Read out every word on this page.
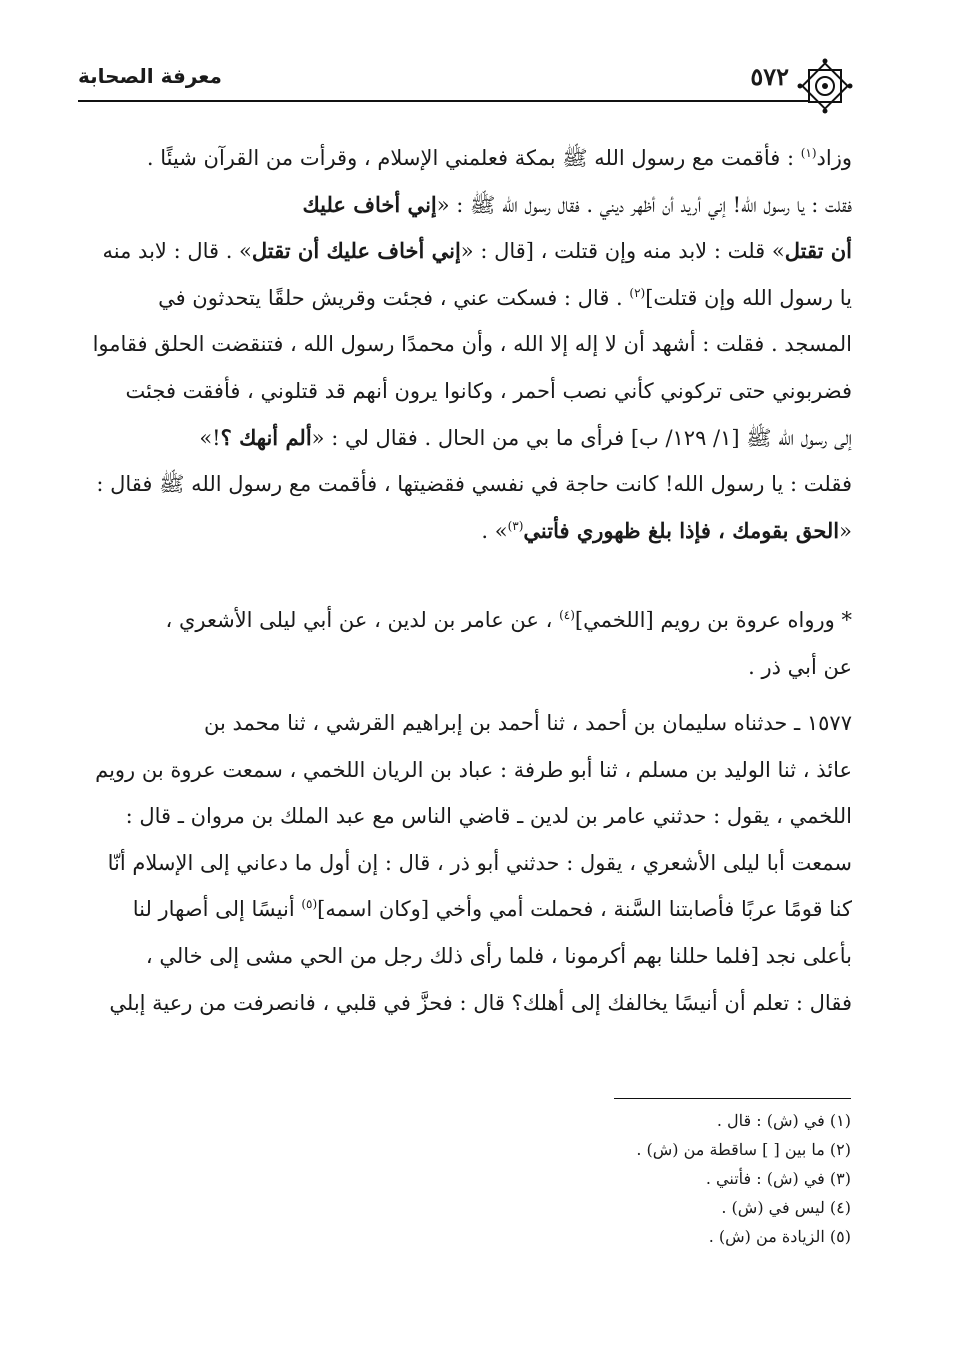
٥٧٢
معرفة الصحابة

وزاد$^{(١)}$ : فأقمت مع رسول الله ﷺ بمكة فعلمني الإسلام ، وقرأت من القرآن شيئًا .

فقلت : يا رسول الله! إني أريد أن أظهر ديني . فقال رسول الله ﷺ : «إني أخاف عليك

أن تقتل» قلت : لابد منه وإن قتلت ، [قال : «إني أخاف عليك أن تقتل» . قال : لابد منه

يا رسول الله وإن قتلت]$^{(٢)}$ . قال : فسكت عني ، فجئت وقريش حلقًا يتحدثون في

المسجد . فقلت : أشهد أن لا إله إلا الله ، وأن محمدًا رسول الله ، فتنقضت الحلق فقاموا

فضربوني حتى تركوني كأني نصب أحمر ، وكانوا يرون أنهم قد قتلوني ، فأفقت فجئت

إلى رسول الله ﷺ [١/ ١٢٩/ ب] فرأى ما بي من الحال . فقال لي : «ألم أنهك ؟!»

فقلت : يا رسول الله! كانت حاجة في نفسي فقضيتها ، فأقمت مع رسول الله ﷺ فقال :

«الحق بقومك ، فإذا بلغ ظهوري فأتني$^{(٣)}$» .

* ورواه عروة بن رويم [اللخمي]$^{(٤)}$ ، عن عامر بن لدين ، عن أبي ليلى الأشعري ،

عن أبي ذر .

١٥٧٧ ـ حدثناه سليمان بن أحمد ، ثنا أحمد بن إبراهيم القرشي ، ثنا محمد بن

عائذ ، ثنا الوليد بن مسلم ، ثنا أبو طرفة : عباد بن الريان اللخمي ، سمعت عروة بن رويم

اللخمي ، يقول : حدثني عامر بن لدين ـ قاضي الناس مع عبد الملك بن مروان ـ قال :

سمعت أبا ليلى الأشعري ، يقول : حدثني أبو ذر ، قال : إن أول ما دعاني إلى الإسلام أنّا

كنا قومًا عربًا فأصابتنا السَّنة ، فحملت أمي وأخي [وكان اسمه]$^{(٥)}$ أنيسًا إلى أصهار لنا

بأعلى نجد [فلما حللنا بهم أكرمونا ، فلما رأى ذلك رجل من الحي مشى إلى خالي ،

فقال : تعلم أن أنيسًا يخالفك إلى أهلك؟ قال : فحزَّ في قلبي ، فانصرفت من رعية إبلي

(١) في (ش) : قال .
(٢) ما بين [ ] ساقطة من (ش) .
(٣) في (ش) : فأتني .
(٤) ليس في (ش) .
(٥) الزيادة من (ش) .
